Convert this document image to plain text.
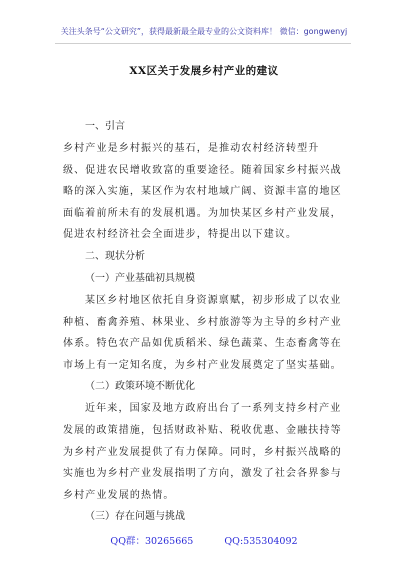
关注头条号“公文研究”，获得最新最全最专业的公文资料库！ 微信：gongwenyj
XX区关于发展乡村产业的建议
一、引言
乡村产业是乡村振兴的基石，是推动农村经济转型升
级、促进农民增收致富的重要途径。随着国家乡村振兴战
略的深入实施，某区作为农村地域广阔、资源丰富的地区
面临着前所未有的发展机遇。为加快某区乡村产业发展，
促进农村经济社会全面进步，特提出以下建议。
二、现状分析
（一）产业基础初具规模
某区乡村地区依托自身资源禀赋，初步形成了以农业
种植、畜禽养殖、林果业、乡村旅游等为主导的乡村产业
体系。特色农产品如优质稻米、绿色蔬菜、生态畜禽等在
市场上有一定知名度，为乡村产业发展奠定了坚实基础。
（二）政策环境不断优化
近年来，国家及地方政府出台了一系列支持乡村产业
发展的政策措施，包括财政补贴、税收优惠、金融扶持等
为乡村产业发展提供了有力保障。同时，乡村振兴战略的
实施也为乡村产业发展指明了方向，激发了社会各界参与
乡村产业发展的热情。
（三）存在问题与挑战
QQ群：30265665	QQ:535304092
